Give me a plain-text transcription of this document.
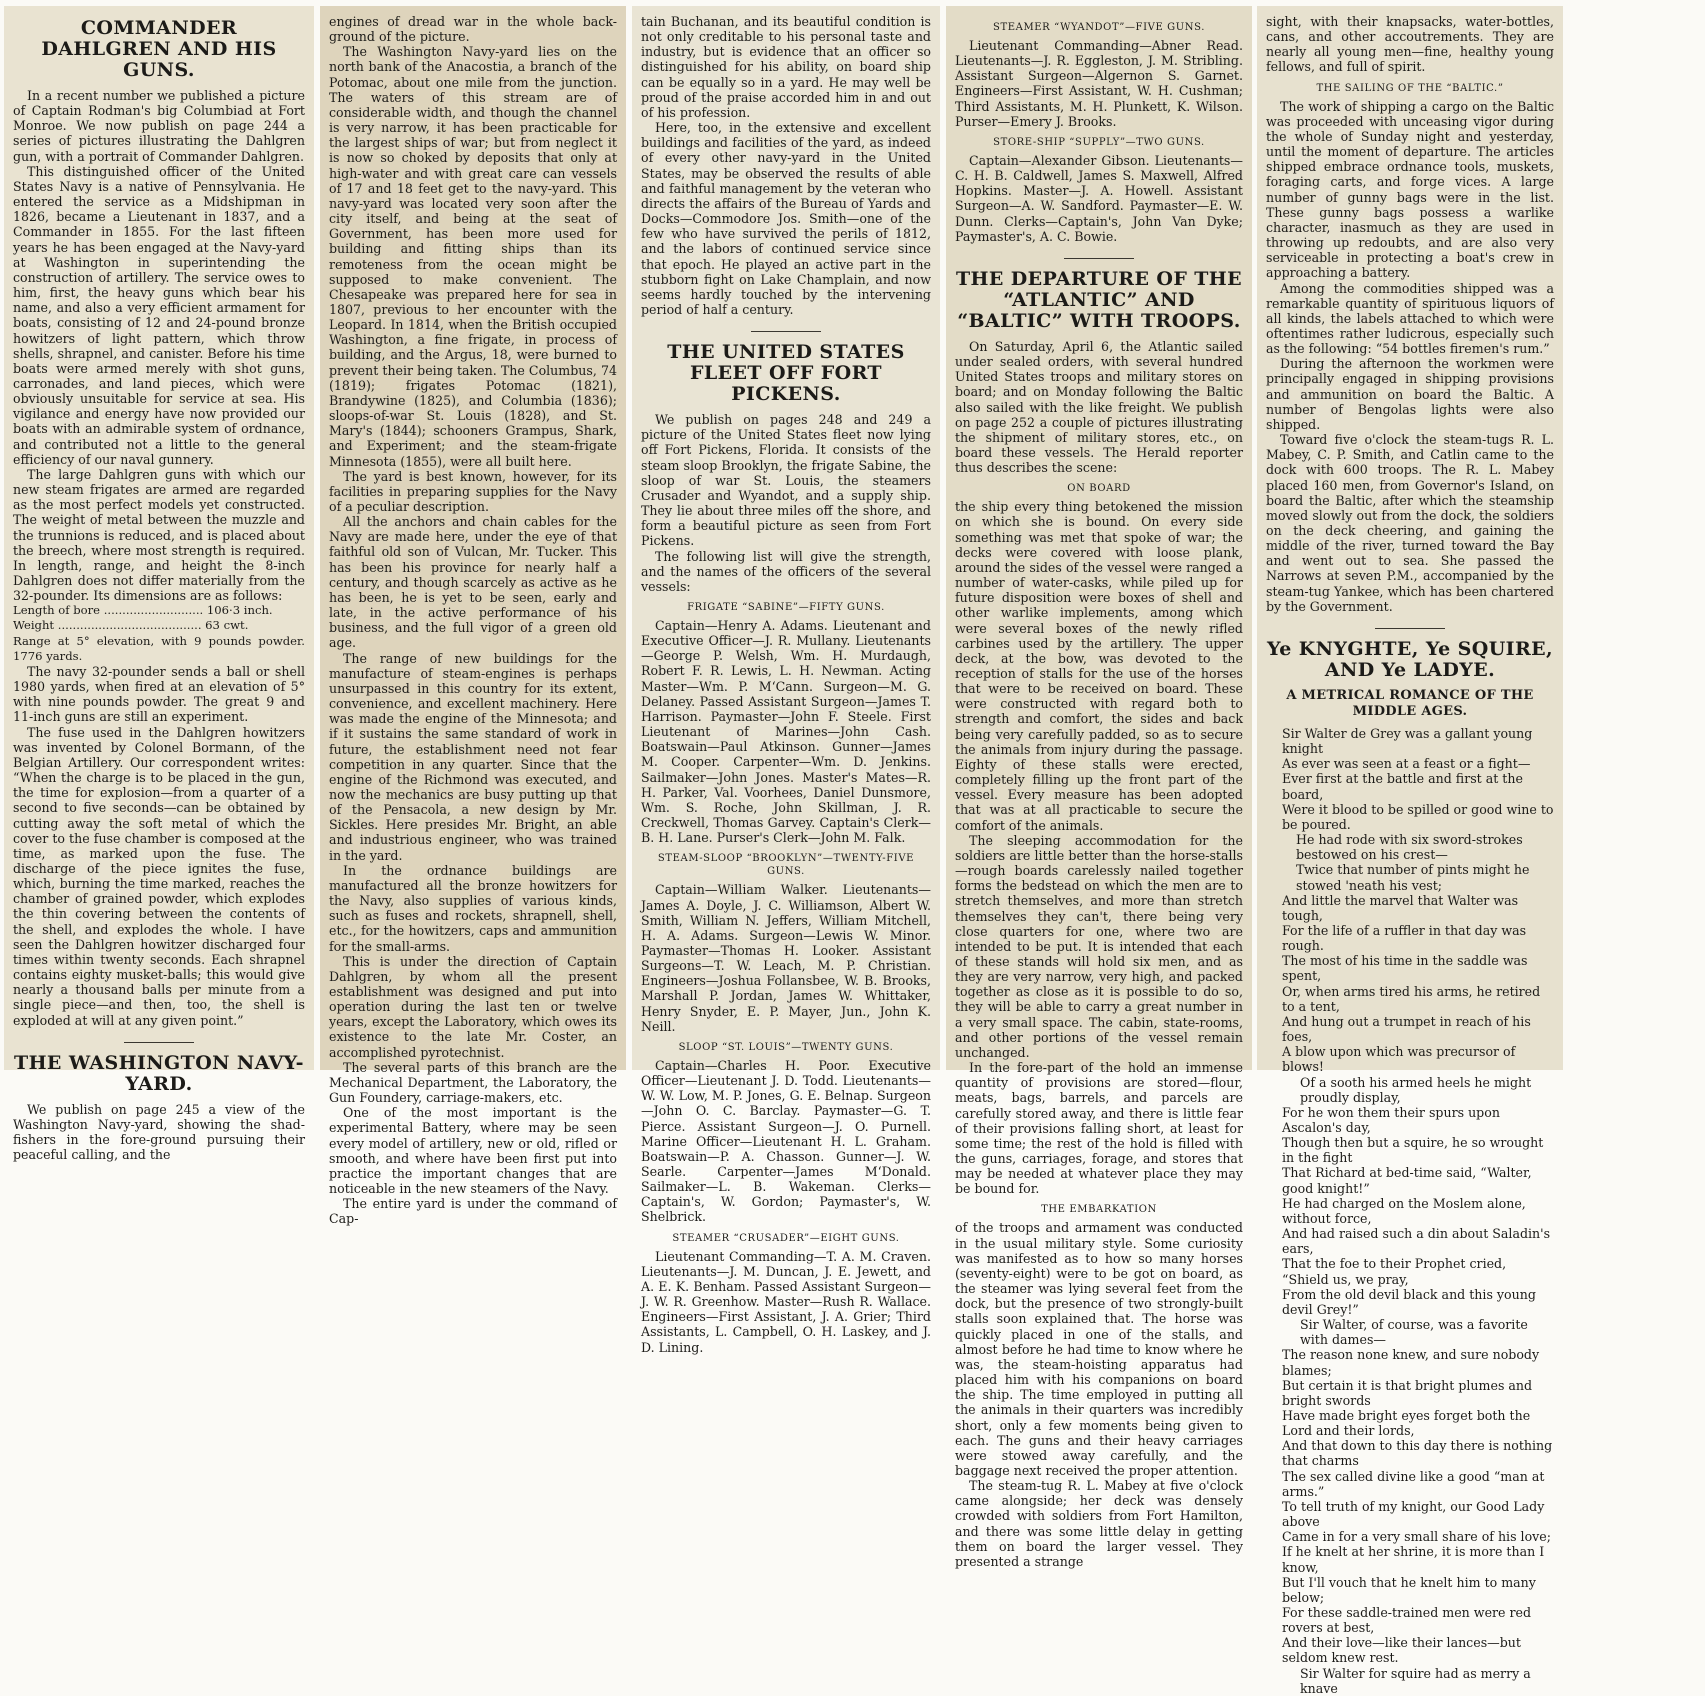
COMMANDER DAHLGREN AND HIS GUNS.

In a recent number we published a picture of Captain Rodman's big Columbiad at Fort Monroe. We now publish on page 244 a series of pictures illustrating the Dahlgren gun, with a portrait of Commander Dahlgren.

This distinguished officer of the United States Navy is a native of Pennsylvania. He entered the service as a Midshipman in 1826, became a Lieutenant in 1837, and a Commander in 1855. For the last fifteen years he has been engaged at the Navy-yard at Washington in superintending the construction of artillery. The service owes to him, first, the heavy guns which bear his name, and also a very efficient armament for boats, consisting of 12 and 24-pound bronze howitzers of light pattern, which throw shells, shrapnel, and canister. Before his time boats were armed merely with shot guns, carronades, and land pieces, which were obviously unsuitable for service at sea. His vigilance and energy have now provided our boats with an admirable system of ordnance, and contributed not a little to the general efficiency of our naval gunnery.

The large Dahlgren guns with which our new steam frigates are armed are regarded as the most perfect models yet constructed. The weight of metal between the muzzle and the trunnions is reduced, and is placed about the breech, where most strength is required. In length, range, and height the 8-inch Dahlgren does not differ materially from the 32-pounder. Its dimensions are as follows:

Length of bore ........................... 106·3 inch.

Weight ....................................... 63 cwt.

Range at 5° elevation, with 9 pounds powder. 1776 yards.

The navy 32-pounder sends a ball or shell 1980 yards, when fired at an elevation of 5° with nine pounds powder. The great 9 and 11-inch guns are still an experiment.

The fuse used in the Dahlgren howitzers was invented by Colonel Bormann, of the Belgian Artillery. Our correspondent writes: “When the charge is to be placed in the gun, the time for explosion—from a quarter of a second to five seconds—can be obtained by cutting away the soft metal of which the cover to the fuse chamber is composed at the time, as marked upon the fuse. The discharge of the piece ignites the fuse, which, burning the time marked, reaches the chamber of grained powder, which explodes the thin covering between the contents of the shell, and explodes the whole. I have seen the Dahlgren howitzer discharged four times within twenty seconds. Each shrapnel contains eighty musket-balls; this would give nearly a thousand balls per minute from a single piece—and then, too, the shell is exploded at will at any given point.”

THE WASHINGTON NAVY-YARD.

We publish on page 245 a view of the Washington Navy-yard, showing the shad-fishers in the fore-ground pursuing their peaceful calling, and the

engines of dread war in the whole back-ground of the picture.

The Washington Navy-yard lies on the north bank of the Anacostia, a branch of the Potomac, about one mile from the junction. The waters of this stream are of considerable width, and though the channel is very narrow, it has been practicable for the largest ships of war; but from neglect it is now so choked by deposits that only at high-water and with great care can vessels of 17 and 18 feet get to the navy-yard. This navy-yard was located very soon after the city itself, and being at the seat of Government, has been more used for building and fitting ships than its remoteness from the ocean might be supposed to make convenient. The Chesapeake was prepared here for sea in 1807, previous to her encounter with the Leopard. In 1814, when the British occupied Washington, a fine frigate, in process of building, and the Argus, 18, were burned to prevent their being taken. The Columbus, 74 (1819); frigates Potomac (1821), Brandywine (1825), and Columbia (1836); sloops-of-war St. Louis (1828), and St. Mary's (1844); schooners Grampus, Shark, and Experiment; and the steam-frigate Minnesota (1855), were all built here.

The yard is best known, however, for its facilities in preparing supplies for the Navy of a peculiar description.

All the anchors and chain cables for the Navy are made here, under the eye of that faithful old son of Vulcan, Mr. Tucker. This has been his province for nearly half a century, and though scarcely as active as he has been, he is yet to be seen, early and late, in the active performance of his business, and the full vigor of a green old age.

The range of new buildings for the manufacture of steam-engines is perhaps unsurpassed in this country for its extent, convenience, and excellent machinery. Here was made the engine of the Minnesota; and if it sustains the same standard of work in future, the establishment need not fear competition in any quarter. Since that the engine of the Richmond was executed, and now the mechanics are busy putting up that of the Pensacola, a new design by Mr. Sickles. Here presides Mr. Bright, an able and industrious engineer, who was trained in the yard.

In the ordnance buildings are manufactured all the bronze howitzers for the Navy, also supplies of various kinds, such as fuses and rockets, shrapnell, shell, etc., for the howitzers, caps and ammunition for the small-arms.

This is under the direction of Captain Dahlgren, by whom all the present establishment was designed and put into operation during the last ten or twelve years, except the Laboratory, which owes its existence to the late Mr. Coster, an accomplished pyrotechnist.

The several parts of this branch are the Mechanical Department, the Laboratory, the Gun Foundery, carriage-makers, etc.

One of the most important is the experimental Battery, where may be seen every model of artillery, new or old, rifled or smooth, and where have been first put into practice the important changes that are noticeable in the new steamers of the Navy.

The entire yard is under the command of Cap-

tain Buchanan, and its beautiful condition is not only creditable to his personal taste and industry, but is evidence that an officer so distinguished for his ability, on board ship can be equally so in a yard. He may well be proud of the praise accorded him in and out of his profession.

Here, too, in the extensive and excellent buildings and facilities of the yard, as indeed of every other navy-yard in the United States, may be observed the results of able and faithful management by the veteran who directs the affairs of the Bureau of Yards and Docks—Commodore Jos. Smith—one of the few who have survived the perils of 1812, and the labors of continued service since that epoch. He played an active part in the stubborn fight on Lake Champlain, and now seems hardly touched by the intervening period of half a century.

THE UNITED STATES FLEET OFF FORT PICKENS.

We publish on pages 248 and 249 a picture of the United States fleet now lying off Fort Pickens, Florida. It consists of the steam sloop Brooklyn, the frigate Sabine, the sloop of war St. Louis, the steamers Crusader and Wyandot, and a supply ship. They lie about three miles off the shore, and form a beautiful picture as seen from Fort Pickens.

The following list will give the strength, and the names of the officers of the several vessels:

FRIGATE “SABINE”—FIFTY GUNS.

Captain—Henry A. Adams. Lieutenant and Executive Officer—J. R. Mullany. Lieutenants—George P. Welsh, Wm. H. Murdaugh, Robert F. R. Lewis, L. H. Newman. Acting Master—Wm. P. M‘Cann. Surgeon—M. G. Delaney. Passed Assistant Surgeon—James T. Harrison. Paymaster—John F. Steele. First Lieutenant of Marines—John Cash. Boatswain—Paul Atkinson. Gunner—James M. Cooper. Carpenter—Wm. D. Jenkins. Sailmaker—John Jones. Master's Mates—R. H. Parker, Val. Voorhees, Daniel Dunsmore, Wm. S. Roche, John Skillman, J. R. Creckwell, Thomas Garvey. Captain's Clerk—B. H. Lane. Purser's Clerk—John M. Falk.

STEAM-SLOOP “BROOKLYN”—TWENTY-FIVE GUNS.

Captain—William Walker. Lieutenants—James A. Doyle, J. C. Williamson, Albert W. Smith, William N. Jeffers, William Mitchell, H. A. Adams. Surgeon—Lewis W. Minor. Paymaster—Thomas H. Looker. Assistant Surgeons—T. W. Leach, M. P. Christian. Engineers—Joshua Follansbee, W. B. Brooks, Marshall P. Jordan, James W. Whittaker, Henry Snyder, E. P. Mayer, Jun., John K. Neill.

SLOOP “ST. LOUIS”—TWENTY GUNS.

Captain—Charles H. Poor. Executive Officer—Lieutenant J. D. Todd. Lieutenants—W. W. Low, M. P. Jones, G. E. Belnap. Surgeon—John O. C. Barclay. Paymaster—G. T. Pierce. Assistant Surgeon—J. O. Purnell. Marine Officer—Lieutenant H. L. Graham. Boatswain—P. A. Chasson. Gunner—J. W. Searle. Carpenter—James M‘Donald. Sailmaker—L. B. Wakeman. Clerks—Captain's, W. Gordon; Paymaster's, W. Shelbrick.

STEAMER “CRUSADER”—EIGHT GUNS.

Lieutenant Commanding—T. A. M. Craven. Lieutenants—J. M. Duncan, J. E. Jewett, and A. E. K. Benham. Passed Assistant Surgeon—J. W. R. Greenhow. Master—Rush R. Wallace. Engineers—First Assistant, J. A. Grier; Third Assistants, L. Campbell, O. H. Laskey, and J. D. Lining.

STEAMER “WYANDOT”—FIVE GUNS.

Lieutenant Commanding—Abner Read. Lieutenants—J. R. Eggleston, J. M. Stribling. Assistant Surgeon—Algernon S. Garnet. Engineers—First Assistant, W. H. Cushman; Third Assistants, M. H. Plunkett, K. Wilson. Purser—Emery J. Brooks.

STORE-SHIP “SUPPLY”—TWO GUNS.

Captain—Alexander Gibson. Lieutenants—C. H. B. Caldwell, James S. Maxwell, Alfred Hopkins. Master—J. A. Howell. Assistant Surgeon—A. W. Sandford. Paymaster—E. W. Dunn. Clerks—Captain's, John Van Dyke; Paymaster's, A. C. Bowie.

THE DEPARTURE OF THE “ATLANTIC” AND “BALTIC” WITH TROOPS.

On Saturday, April 6, the Atlantic sailed under sealed orders, with several hundred United States troops and military stores on board; and on Monday following the Baltic also sailed with the like freight. We publish on page 252 a couple of pictures illustrating the shipment of military stores, etc., on board these vessels. The Herald reporter thus describes the scene:

ON BOARD

the ship every thing betokened the mission on which she is bound. On every side something was met that spoke of war; the decks were covered with loose plank, around the sides of the vessel were ranged a number of water-casks, while piled up for future disposition were boxes of shell and other warlike implements, among which were several boxes of the newly rifled carbines used by the artillery. The upper deck, at the bow, was devoted to the reception of stalls for the use of the horses that were to be received on board. These were constructed with regard both to strength and comfort, the sides and back being very carefully padded, so as to secure the animals from injury during the passage. Eighty of these stalls were erected, completely filling up the front part of the vessel. Every measure has been adopted that was at all practicable to secure the comfort of the animals.

The sleeping accommodation for the soldiers are little better than the horse-stalls—rough boards carelessly nailed together forms the bedstead on which the men are to stretch themselves, and more than stretch themselves they can't, there being very close quarters for one, where two are intended to be put. It is intended that each of these stands will hold six men, and as they are very narrow, very high, and packed together as close as it is possible to do so, they will be able to carry a great number in a very small space. The cabin, state-rooms, and other portions of the vessel remain unchanged.

In the fore-part of the hold an immense quantity of provisions are stored—flour, meats, bags, barrels, and parcels are carefully stored away, and there is little fear of their provisions falling short, at least for some time; the rest of the hold is filled with the guns, carriages, forage, and stores that may be needed at whatever place they may be bound for.

THE EMBARKATION

of the troops and armament was conducted in the usual military style. Some curiosity was manifested as to how so many horses (seventy-eight) were to be got on board, as the steamer was lying several feet from the dock, but the presence of two strongly-built stalls soon explained that. The horse was quickly placed in one of the stalls, and almost before he had time to know where he was, the steam-hoisting apparatus had placed him with his companions on board the ship. The time employed in putting all the animals in their quarters was incredibly short, only a few moments being given to each. The guns and their heavy carriages were stowed away carefully, and the baggage next received the proper attention.

The steam-tug R. L. Mabey at five o'clock came alongside; her deck was densely crowded with soldiers from Fort Hamilton, and there was some little delay in getting them on board the larger vessel. They presented a strange

sight, with their knapsacks, water-bottles, cans, and other accoutrements. They are nearly all young men—fine, healthy young fellows, and full of spirit.

THE SAILING OF THE “BALTIC.”

The work of shipping a cargo on the Baltic was proceeded with unceasing vigor during the whole of Sunday night and yesterday, until the moment of departure. The articles shipped embrace ordnance tools, muskets, foraging carts, and forge vices. A large number of gunny bags were in the list. These gunny bags possess a warlike character, inasmuch as they are used in throwing up redoubts, and are also very serviceable in protecting a boat's crew in approaching a battery.

Among the commodities shipped was a remarkable quantity of spirituous liquors of all kinds, the labels attached to which were oftentimes rather ludicrous, especially such as the following: “54 bottles firemen's rum.”

During the afternoon the workmen were principally engaged in shipping provisions and ammunition on board the Baltic. A number of Bengolas lights were also shipped.

Toward five o'clock the steam-tugs R. L. Mabey, C. P. Smith, and Catlin came to the dock with 600 troops. The R. L. Mabey placed 160 men, from Governor's Island, on board the Baltic, after which the steamship moved slowly out from the dock, the soldiers on the deck cheering, and gaining the middle of the river, turned toward the Bay and went out to sea. She passed the Narrows at seven P.M., accompanied by the steam-tug Yankee, which has been chartered by the Government.

Ye KNYGHTE, Ye SQUIRE, AND Ye LADYE.
A METRICAL ROMANCE OF THE MIDDLE AGES.

Sir Walter de Grey was a gallant young knight

As ever was seen at a feast or a fight—

Ever first at the battle and first at the board,

Were it blood to be spilled or good wine to be poured.

He had rode with six sword-strokes bestowed on his crest—

Twice that number of pints might he stowed 'neath his vest;

And little the marvel that Walter was tough,

For the life of a ruffler in that day was rough.

The most of his time in the saddle was spent,

Or, when arms tired his arms, he retired to a tent,

And hung out a trumpet in reach of his foes,

A blow upon which was precursor of blows!

Of a sooth his armed heels he might proudly display,

For he won them their spurs upon Ascalon's day,

Though then but a squire, he so wrought in the fight

That Richard at bed-time said, “Walter, good knight!”

He had charged on the Moslem alone, without force,

And had raised such a din about Saladin's ears,

That the foe to their Prophet cried, “Shield us, we pray,

From the old devil black and this young devil Grey!”

Sir Walter, of course, was a favorite with dames—

The reason none knew, and sure nobody blames;

But certain it is that bright plumes and bright swords

Have made bright eyes forget both the Lord and their lords,

And that down to this day there is nothing that charms

The sex called divine like a good “man at arms.”

To tell truth of my knight, our Good Lady above

Came in for a very small share of his love;

If he knelt at her shrine, it is more than I know,

But I'll vouch that he knelt him to many below;

For these saddle-trained men were red rovers at best,

And their love—like their lances—but seldom knew rest.

Sir Walter for squire had as merry a knave
